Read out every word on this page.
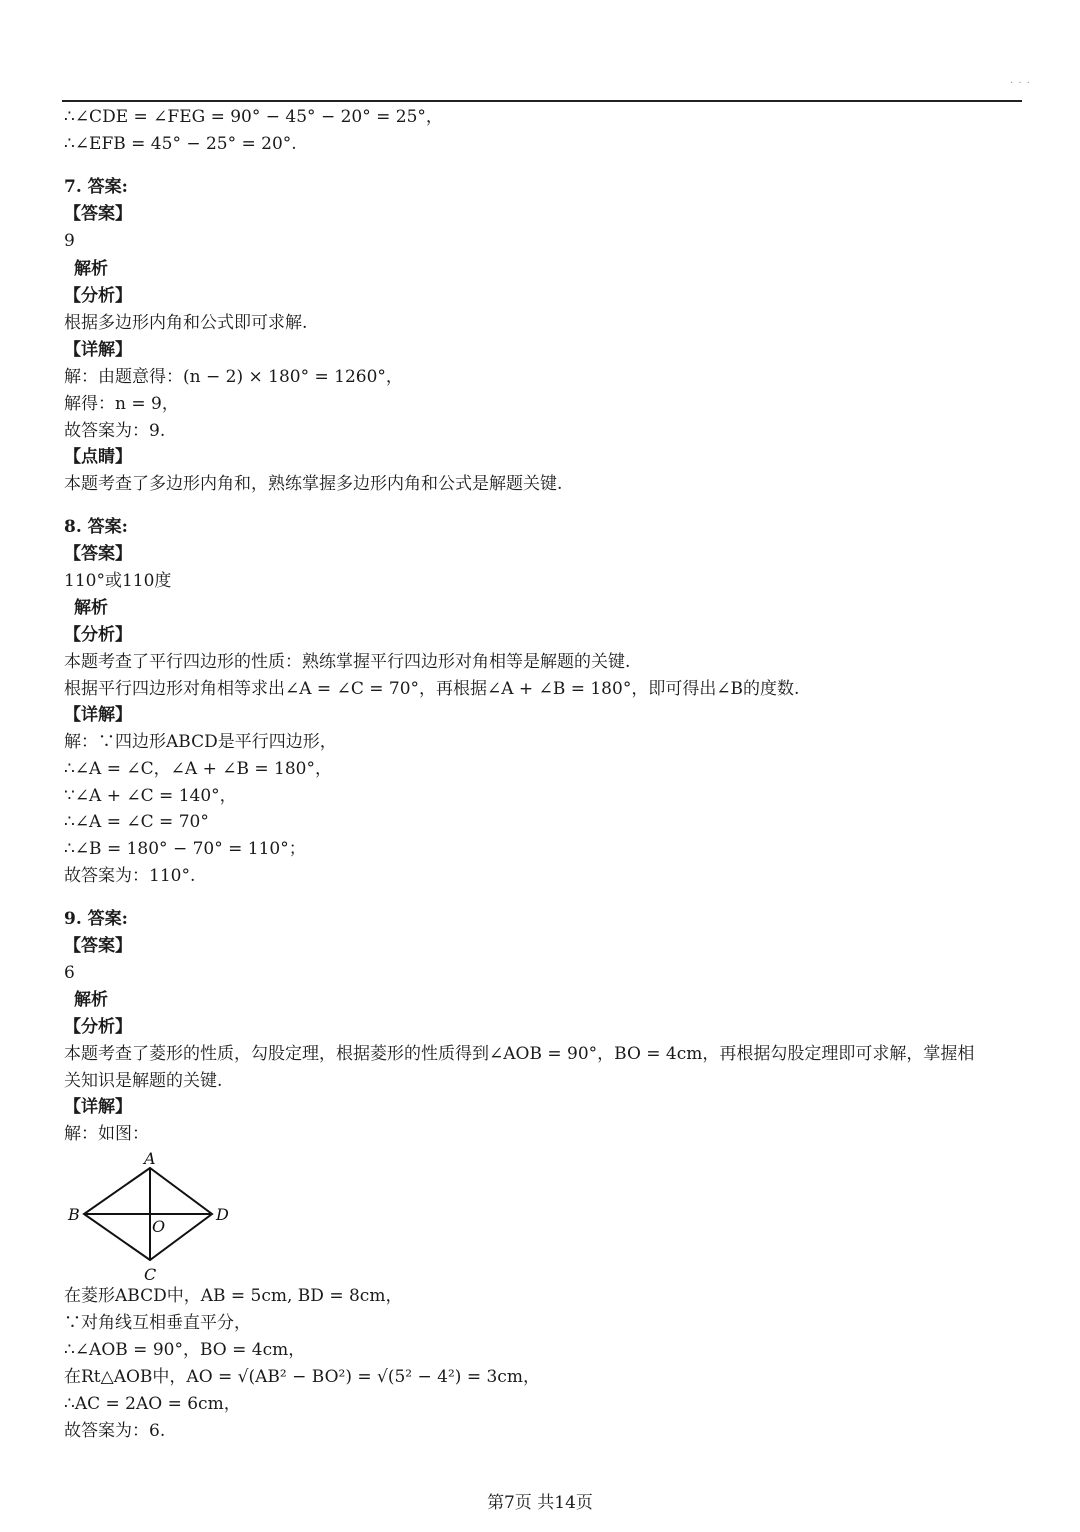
· · ·
∴∠CDE = ∠FEG = 90° − 45° − 20° = 25°，
∴∠EFB = 45° − 25° = 20°.
7. 答案:
【答案】
9
解析
【分析】
根据多边形内角和公式即可求解.
【详解】
解：由题意得：(n − 2) × 180° = 1260°，
解得：n = 9，
故答案为：9.
【点睛】
本题考查了多边形内角和，熟练掌握多边形内角和公式是解题关键.
8. 答案:
【答案】
110°或110度
解析
【分析】
本题考查了平行四边形的性质：熟练掌握平行四边形对角相等是解题的关键.
根据平行四边形对角相等求出∠A = ∠C = 70°，再根据∠A + ∠B = 180°，即可得出∠B的度数.
【详解】
解：∵四边形ABCD是平行四边形，
∴∠A = ∠C，∠A + ∠B = 180°，
∵∠A + ∠C = 140°，
∴∠A = ∠C = 70°
∴∠B = 180° − 70° = 110°；
故答案为：110°.
9. 答案:
【答案】
6
解析
【分析】
本题考查了菱形的性质，勾股定理，根据菱形的性质得到∠AOB = 90°，BO = 4cm，再根据勾股定理即可求解，掌握相
关知识是解题的关键.
【详解】
解：如图：
A
B
C
D
O
在菱形ABCD中，AB = 5cm, BD = 8cm，
∵对角线互相垂直平分，
∴∠AOB = 90°，BO = 4cm，
在Rt△AOB中，AO = √(AB² − BO²) = √(5² − 4²) = 3cm，
∴AC = 2AO = 6cm，
故答案为：6.
第7页 共14页
